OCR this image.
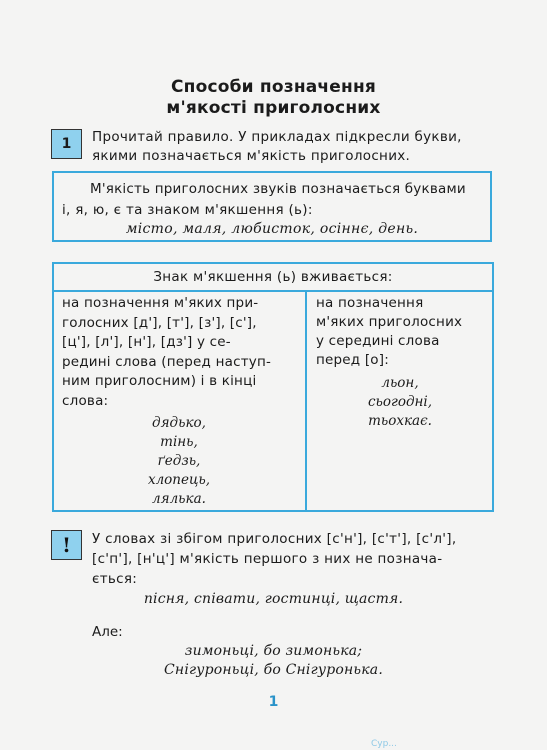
Способи позначення
м'якості приголосних
1	Прочитай правило. У прикладах підкресли букви,
якими позначається м'якість приголосних.
М'якість приголосних звуків позначається буквами
і, я, ю, є та знаком м'якшення (ь):
місто, маля, любисток, осіннє, день.
Знак м'якшення (ь) вживається:
на позначення м'яких при-
голосних [д'], [т'], [з'], [с'],
[ц'], [л'], [н'], [дз'] у се-
редині слова (перед наступ-
ним приголосним) і в кінці
слова:
дядько,
тінь,
ґедзь,
хлопець,
лялька.
на позначення
м'яких приголосних
у середині слова
перед [о]:
льон,
сьогодні,
тьохкає.
!	У словах зі збігом приголосних [с'н'], [с'т'], [с'л'],
[с'п'], [н'ц'] м'якість першого з них не познача-
ється:
пісня, співати, гостинці, щастя.
Але:
зимоньці, бо зимонька;
Снігуроньці, бо Снігуронька.
1
Сур...
